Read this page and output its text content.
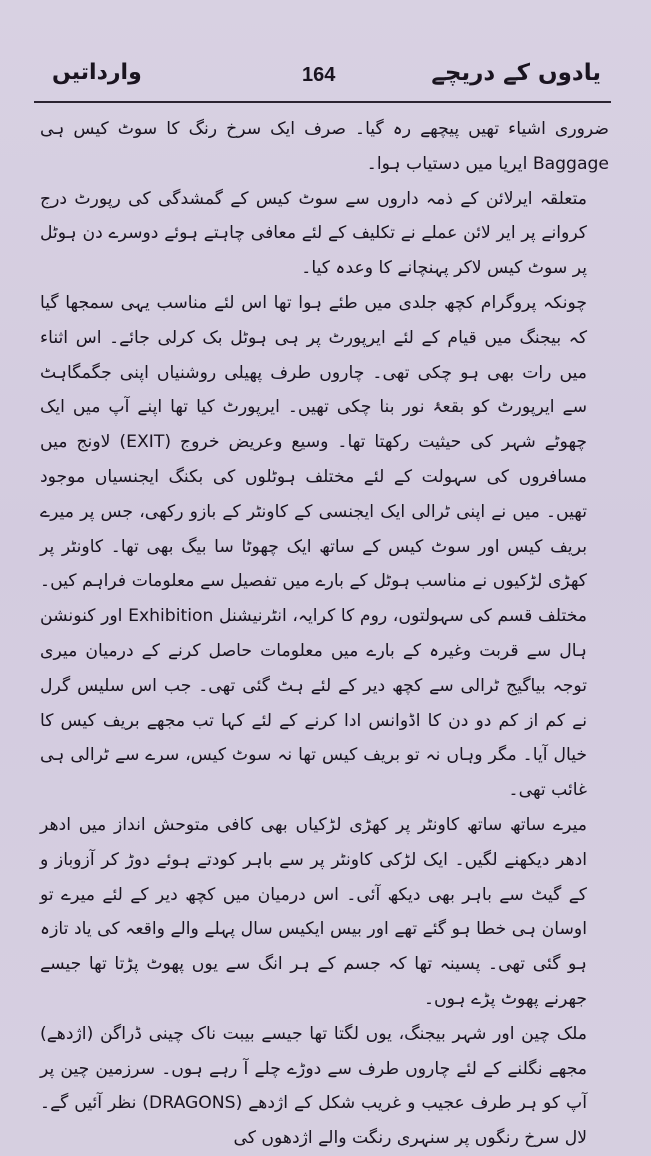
یادوں کے دریچے
164
وارداتیں

ضروری اشیاء تھیں پیچھے رہ گیا۔ صرف ایک سرخ رنگ کا سوٹ کیس ہی Baggage ایریا میں دستیاب ہوا۔

متعلقہ ایرلائن کے ذمہ داروں سے سوٹ کیس کے گمشدگی کی رپورٹ درج کروانے پر ایر لائن عملے نے تکلیف کے لئے معافی چاہتے ہوئے دوسرے دن ہوٹل پر سوٹ کیس لاکر پہنچانے کا وعدہ کیا۔

چونکہ پروگرام کچھ جلدی میں طئے ہوا تھا اس لئے مناسب یہی سمجھا گیا کہ بیجنگ میں قیام کے لئے ایرپورٹ پر ہی ہوٹل بک کرلی جائے۔ اس اثناء میں رات بھی ہو چکی تھی۔ چاروں طرف پھیلی روشنیاں اپنی جگمگاہٹ سے ایرپورٹ کو بقعۂ نور بنا چکی تھیں۔ ایرپورٹ کیا تھا اپنے آپ میں ایک چھوٹے شہر کی حیثیت رکھتا تھا۔ وسیع وعریض خروج (EXIT) لاونج میں مسافروں کی سہولت کے لئے مختلف ہوٹلوں کی بکنگ ایجنسیاں موجود تھیں۔ میں نے اپنی ٹرالی ایک ایجنسی کے کاونٹر کے بازو رکھی، جس پر میرے بریف کیس اور سوٹ کیس کے ساتھ ایک چھوٹا سا بیگ بھی تھا۔ کاونٹر پر کھڑی لڑکیوں نے مناسب ہوٹل کے بارے میں تفصیل سے معلومات فراہم کیں۔ مختلف قسم کی سہولتوں، روم کا کرایہ، انٹرنیشنل Exhibition اور کنونشن ہال سے قربت وغیرہ کے بارے میں معلومات حاصل کرنے کے درمیان میری توجہ بیاگیج ٹرالی سے کچھ دیر کے لئے ہٹ گئی تھی۔ جب اس سلیس گرل نے کم از کم دو دن کا اڈوانس ادا کرنے کے لئے کہا تب مجھے بریف کیس کا خیال آیا۔ مگر وہاں نہ تو بریف کیس تھا نہ سوٹ کیس، سرے سے ٹرالی ہی غائب تھی۔

میرے ساتھ ساتھ کاونٹر پر کھڑی لڑکیاں بھی کافی متوحش انداز میں ادھر ادھر دیکھنے لگیں۔ ایک لڑکی کاونٹر پر سے باہر کودتے ہوئے دوڑ کر آزوباز و کے گیٹ سے باہر بھی دیکھ آئی۔ اس درمیان میں کچھ دیر کے لئے میرے تو اوسان ہی خطا ہو گئے تھے اور بیس ایکیس سال پہلے والے واقعہ کی یاد تازہ ہو گئی تھی۔ پسینہ تھا کہ جسم کے ہر انگ سے یوں پھوٹ پڑتا تھا جیسے جھرنے پھوٹ پڑے ہوں۔

ملک چین اور شہر بیجنگ، یوں لگتا تھا جیسے بیبت ناک چینی ڈراگن (اژدھے) مجھے نگلنے کے لئے چاروں طرف سے دوڑے چلے آ رہے ہوں۔ سرزمین چین پر آپ کو ہر طرف عجیب و غریب شکل کے اژدھے (DRAGONS) نظر آئیں گے۔ لال سرخ رنگوں پر سنہری رنگت والے اژدھوں کی
